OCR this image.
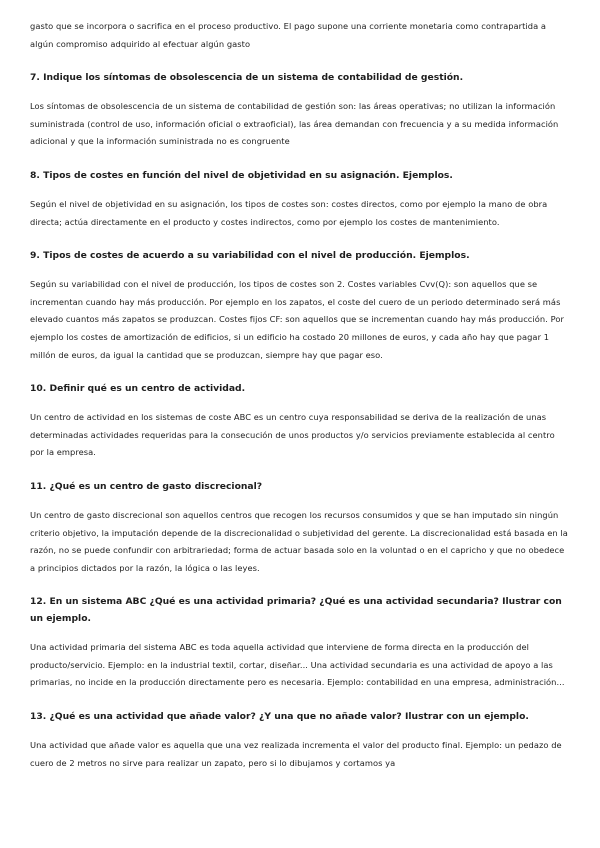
gasto que se incorpora o sacrifica en el proceso productivo. El pago supone una corriente monetaria como contrapartida a algún compromiso adquirido al efectuar algún gasto

7. Indique los síntomas de obsolescencia de un sistema de contabilidad de gestión.

Los síntomas de obsolescencia de un sistema de contabilidad de gestión son: las áreas operativas; no utilizan la información suministrada (control de uso, información oficial o extraoficial), las área demandan con frecuencia y a su medida información adicional y que la información suministrada no es congruente

8. Tipos de costes en función del nivel de objetividad en su asignación. Ejemplos.

Según el nivel de objetividad en su asignación, los tipos de costes son: costes directos, como por ejemplo la mano de obra directa; actúa directamente en el producto y costes indirectos, como por ejemplo los costes de mantenimiento.

9. Tipos de costes de acuerdo a su variabilidad con el nivel de producción. Ejemplos.

Según su variabilidad con el nivel de producción, los tipos de costes son 2. Costes variables Cvv(Q): son aquellos que se incrementan cuando hay más producción. Por ejemplo en los zapatos, el coste del cuero de un periodo determinado será más elevado cuantos más zapatos se produzcan. Costes fijos CF: son aquellos que se incrementan cuando hay más producción. Por ejemplo los costes de amortización de edificios, si un edificio ha costado 20 millones de euros, y cada año hay que pagar 1 millón de euros, da igual la cantidad que se produzcan, siempre hay que pagar eso.

10. Definir qué es un centro de actividad.

Un centro de actividad en los sistemas de coste ABC es un centro cuya responsabilidad se deriva de la realización de unas determinadas actividades requeridas para la consecución de unos productos y/o servicios previamente establecida al centro por la empresa.

11. ¿Qué es un centro de gasto discrecional?

Un centro de gasto discrecional son aquellos centros que recogen los recursos consumidos y que se han imputado sin ningún criterio objetivo, la imputación depende de la discrecionalidad o subjetividad del gerente. La discrecionalidad está basada en la razón, no se puede confundir con arbitrariedad; forma de actuar basada solo en la voluntad o en el capricho y que no obedece a principios dictados por la razón, la lógica o las leyes.

12. En un sistema ABC ¿Qué es una actividad primaria? ¿Qué es una actividad secundaria? Ilustrar con un ejemplo.

Una actividad primaria del sistema ABC es toda aquella actividad que interviene de forma directa en la producción del producto/servicio. Ejemplo: en la industrial textil, cortar, diseñar... Una actividad secundaria es una actividad de apoyo a las primarias, no incide en la producción directamente pero es necesaria. Ejemplo: contabilidad en una empresa, administración...

13. ¿Qué es una actividad que añade valor? ¿Y una que no añade valor? Ilustrar con un ejemplo.

Una actividad que añade valor es aquella que una vez realizada incrementa el valor del producto final. Ejemplo: un pedazo de cuero de 2 metros no sirve para realizar un zapato, pero si lo dibujamos y cortamos ya
